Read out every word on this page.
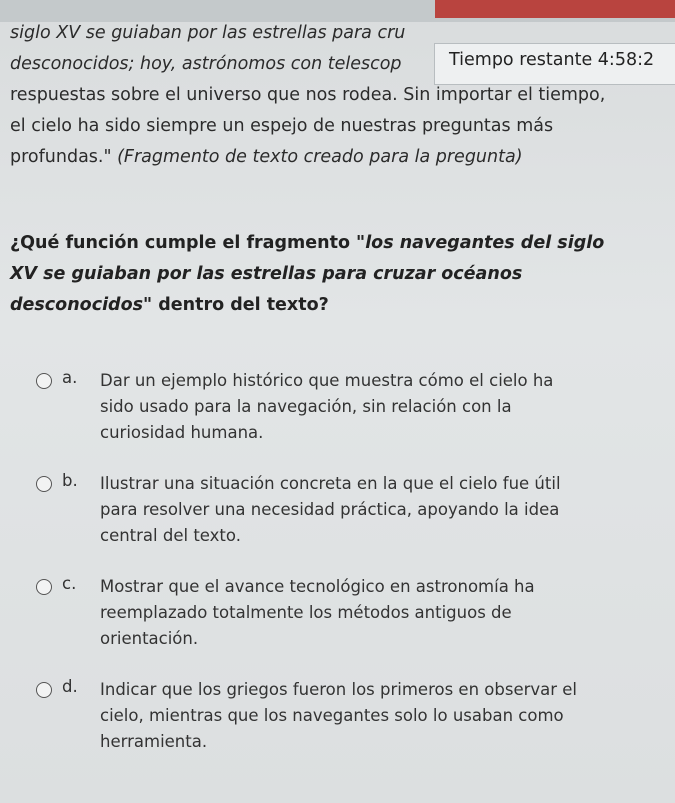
siglo XV se guiaban por las estrellas para cru
desconocidos; hoy, astrónomos con telescop
respuestas sobre el universo que nos rodea. Sin importar el tiempo,
el cielo ha sido siempre un espejo de nuestras preguntas más
profundas." (Fragmento de texto creado para la pregunta)
Tiempo restante 4:58:2
¿Qué función cumple el fragmento "los navegantes del siglo
XV se guiaban por las estrellas para cruzar océanos
desconocidos" dentro del texto?
a. Dar un ejemplo histórico que muestra cómo el cielo ha
sido usado para la navegación, sin relación con la
curiosidad humana.
b. Ilustrar una situación concreta en la que el cielo fue útil
para resolver una necesidad práctica, apoyando la idea
central del texto.
c. Mostrar que el avance tecnológico en astronomía ha
reemplazado totalmente los métodos antiguos de
orientación.
d. Indicar que los griegos fueron los primeros en observar el
cielo, mientras que los navegantes solo lo usaban como
herramienta.
